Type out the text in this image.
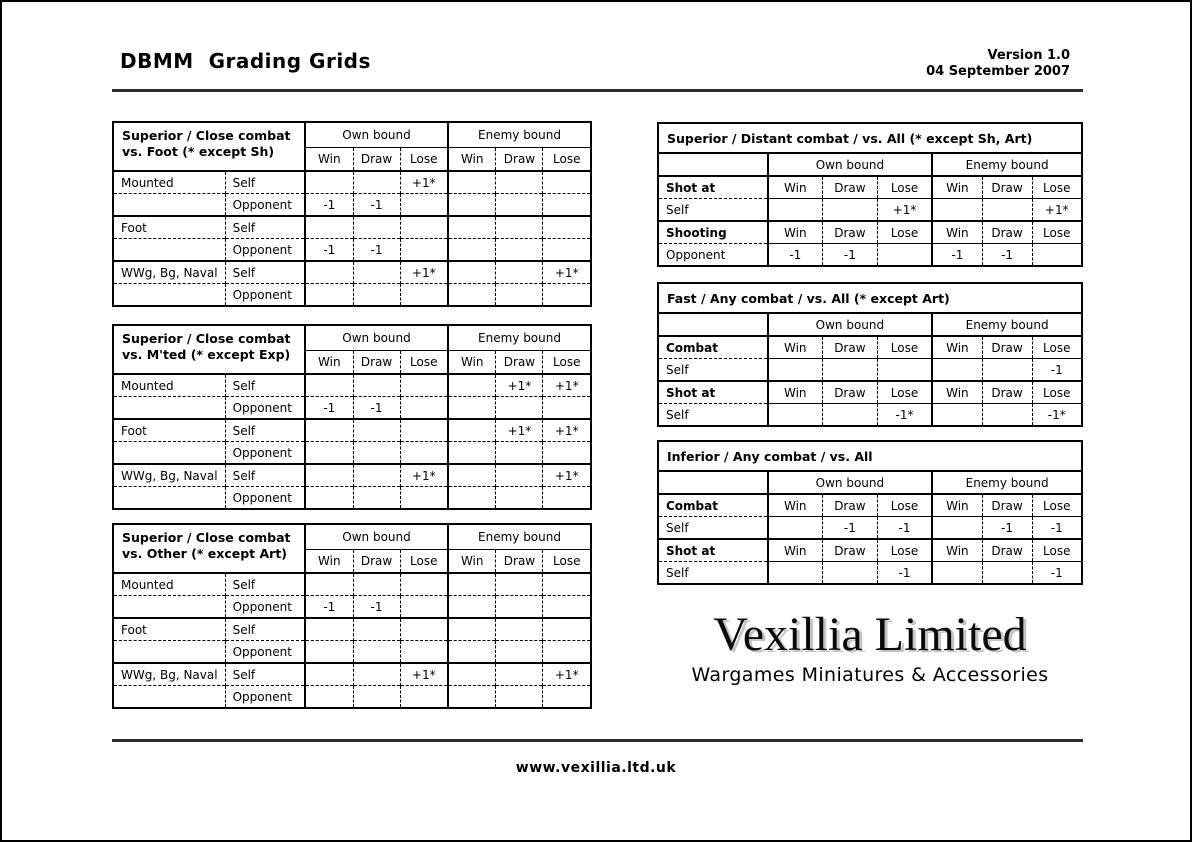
DBMM  Grading Grids	Version 1.0
04 September 2007
Superior / Close combat
vs. Foot (* except Sh)		Own bound			Enemy bound		
		Win	Draw	Lose	Win	Draw	Lose
Mounted	Self			+1*			
	Opponent	-1	-1				
Foot	Self						
	Opponent	-1	-1				
WWg, Bg, Naval	Self			+1*			+1*
	Opponent						
Superior / Close combat
vs. M'ted (* except Exp)		Own bound			Enemy bound		
		Win	Draw	Lose	Win	Draw	Lose
Mounted	Self					+1*	+1*
	Opponent	-1	-1				
Foot	Self					+1*	+1*
	Opponent						
WWg, Bg, Naval	Self			+1*			+1*
	Opponent						
Superior / Close combat
vs. Other (* except Art)		Own bound			Enemy bound		
		Win	Draw	Lose	Win	Draw	Lose
Mounted	Self						
	Opponent	-1	-1				
Foot	Self						
	Opponent						
WWg, Bg, Naval	Self			+1*			+1*
	Opponent						
Superior / Distant combat / vs. All (* except Sh, Art)						
	Own bound			Enemy bound		
Shot at	Win	Draw	Lose	Win	Draw	Lose
Self			+1*			+1*
Shooting	Win	Draw	Lose	Win	Draw	Lose
Opponent	-1	-1		-1	-1	
Fast / Any combat / vs. All (* except Art)						
	Own bound			Enemy bound		
Combat	Win	Draw	Lose	Win	Draw	Lose
Self						-1
Shot at	Win	Draw	Lose	Win	Draw	Lose
Self			-1*			-1*
Inferior / Any combat / vs. All						
	Own bound			Enemy bound		
Combat	Win	Draw	Lose	Win	Draw	Lose
Self		-1	-1		-1	-1
Shot at	Win	Draw	Lose	Win	Draw	Lose
Self			-1			-1
Vexillia Limited
Wargames Miniatures & Accessories
www.vexillia.ltd.uk
